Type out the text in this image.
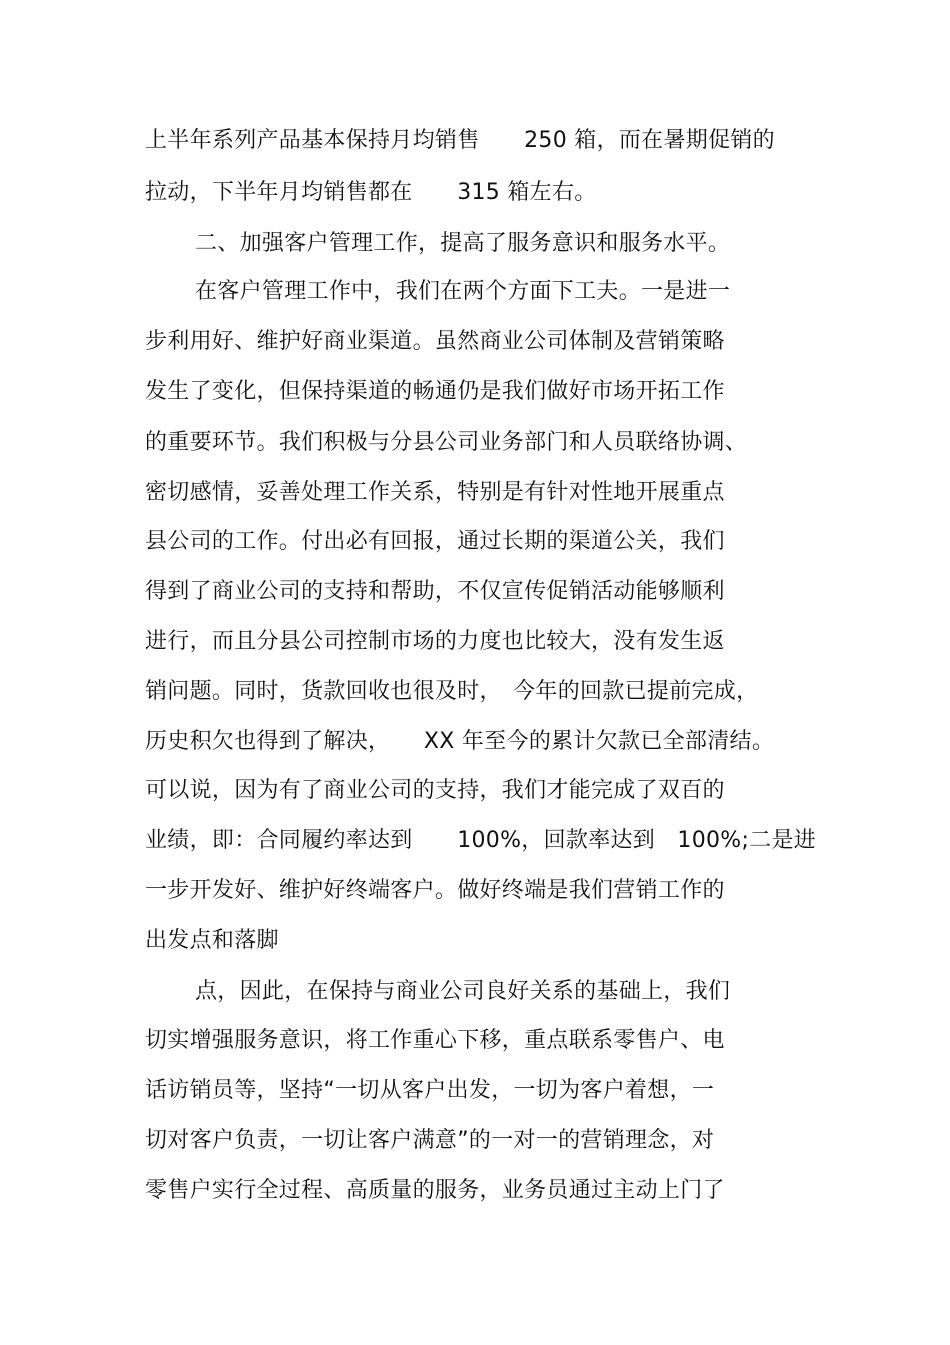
上半年系列产品基本保持月均销售　　250 箱，而在暑期促销的
拉动，下半年月均销售都在　　315 箱左右。
二、加强客户管理工作，提高了服务意识和服务水平。
在客户管理工作中，我们在两个方面下工夫。一是进一
步利用好、维护好商业渠道。虽然商业公司体制及营销策略
发生了变化，但保持渠道的畅通仍是我们做好市场开拓工作
的重要环节。我们积极与分县公司业务部门和人员联络协调、
密切感情，妥善处理工作关系，特别是有针对性地开展重点
县公司的工作。付出必有回报，通过长期的渠道公关，我们
得到了商业公司的支持和帮助，不仅宣传促销活动能够顺利
进行，而且分县公司控制市场的力度也比较大，没有发生返
销问题。同时，货款回收也很及时，　今年的回款已提前完成，
历史积欠也得到了解决，　　XX 年至今的累计欠款已全部清结。
可以说，因为有了商业公司的支持，我们才能完成了双百的
业绩，即：合同履约率达到　　100%，回款率达到　100%;二是进
一步开发好、维护好终端客户。做好终端是我们营销工作的
出发点和落脚
点，因此，在保持与商业公司良好关系的基础上，我们
切实增强服务意识，将工作重心下移，重点联系零售户、电
话访销员等，坚持“一切从客户出发，一切为客户着想，一
切对客户负责，一切让客户满意”的一对一的营销理念，对
零售户实行全过程、高质量的服务，业务员通过主动上门了
